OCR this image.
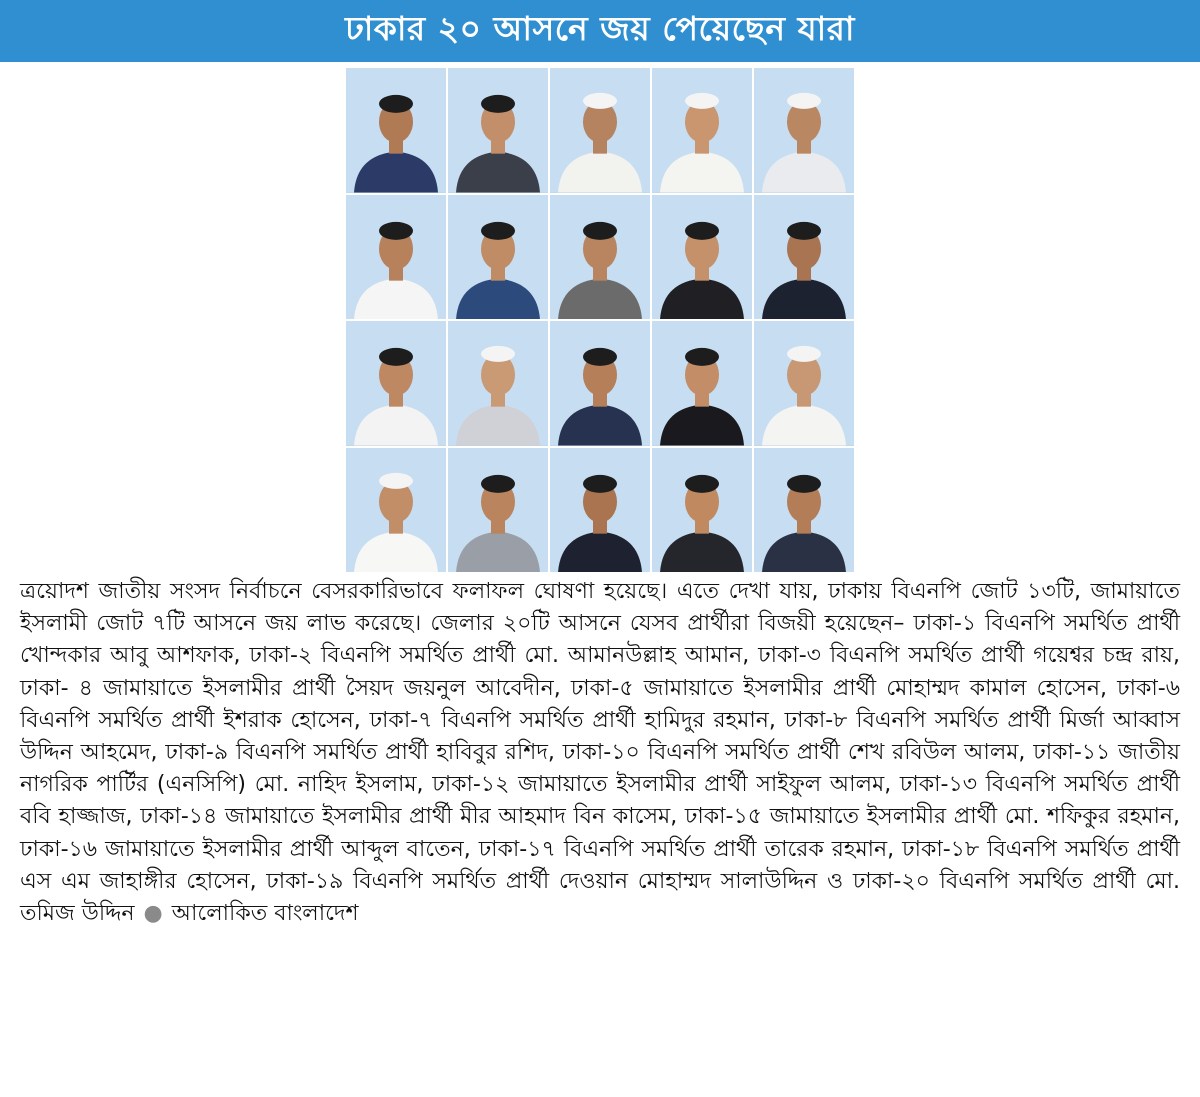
ঢাকার ২০ আসনে জয় পেয়েছেন যারা

ত্রয়োদশ জাতীয় সংসদ নির্বাচনে বেসরকারিভাবে ফলাফল ঘোষণা হয়েছে। এতে দেখা যায়, ঢাকায় বিএনপি জোট ১৩টি, জামায়াতে ইসলামী জোট ৭টি আসনে জয় লাভ করেছে। জেলার ২০টি আসনে যেসব প্রার্থীরা বিজয়ী হয়েছেন– ঢাকা-১ বিএনপি সমর্থিত প্রার্থী খোন্দকার আবু আশফাক, ঢাকা-২ বিএনপি সমর্থিত প্রার্থী মো. আমানউল্লাহ আমান, ঢাকা-৩ বিএনপি সমর্থিত প্রার্থী গয়েশ্বর চন্দ্র রায়, ঢাকা- ৪ জামায়াতে ইসলামীর প্রার্থী সৈয়দ জয়নুল আবেদীন, ঢাকা-৫ জামায়াতে ইসলামীর প্রার্থী মোহাম্মদ কামাল হোসেন, ঢাকা-৬ বিএনপি সমর্থিত প্রার্থী ইশরাক হোসেন, ঢাকা-৭ বিএনপি সমর্থিত প্রার্থী হামিদুর রহমান, ঢাকা-৮ বিএনপি সমর্থিত প্রার্থী মির্জা আব্বাস উদ্দিন আহমেদ, ঢাকা-৯ বিএনপি সমর্থিত প্রার্থী হাবিবুর রশিদ, ঢাকা-১০ বিএনপি সমর্থিত প্রার্থী শেখ রবিউল আলম, ঢাকা-১১ জাতীয় নাগরিক পার্টির (এনসিপি) মো. নাহিদ ইসলাম, ঢাকা-১২ জামায়াতে ইসলামীর প্রার্থী সাইফুল আলম, ঢাকা-১৩ বিএনপি সমর্থিত প্রার্থী ববি হাজ্জাজ, ঢাকা-১৪ জামায়াতে ইসলামীর প্রার্থী মীর আহমাদ বিন কাসেম, ঢাকা-১৫ জামায়াতে ইসলামীর প্রার্থী মো. শফিকুর রহমান, ঢাকা-১৬ জামায়াতে ইসলামীর প্রার্থী আব্দুল বাতেন, ঢাকা-১৭ বিএনপি সমর্থিত প্রার্থী তারেক রহমান, ঢাকা-১৮ বিএনপি সমর্থিত প্রার্থী এস এম জাহাঙ্গীর হোসেন, ঢাকা-১৯ বিএনপি সমর্থিত প্রার্থী দেওয়ান মোহাম্মদ সালাউদ্দিন ও ঢাকা-২০ বিএনপি সমর্থিত প্রার্থী মো. তমিজ উদ্দিন ● আলোকিত বাংলাদেশ
